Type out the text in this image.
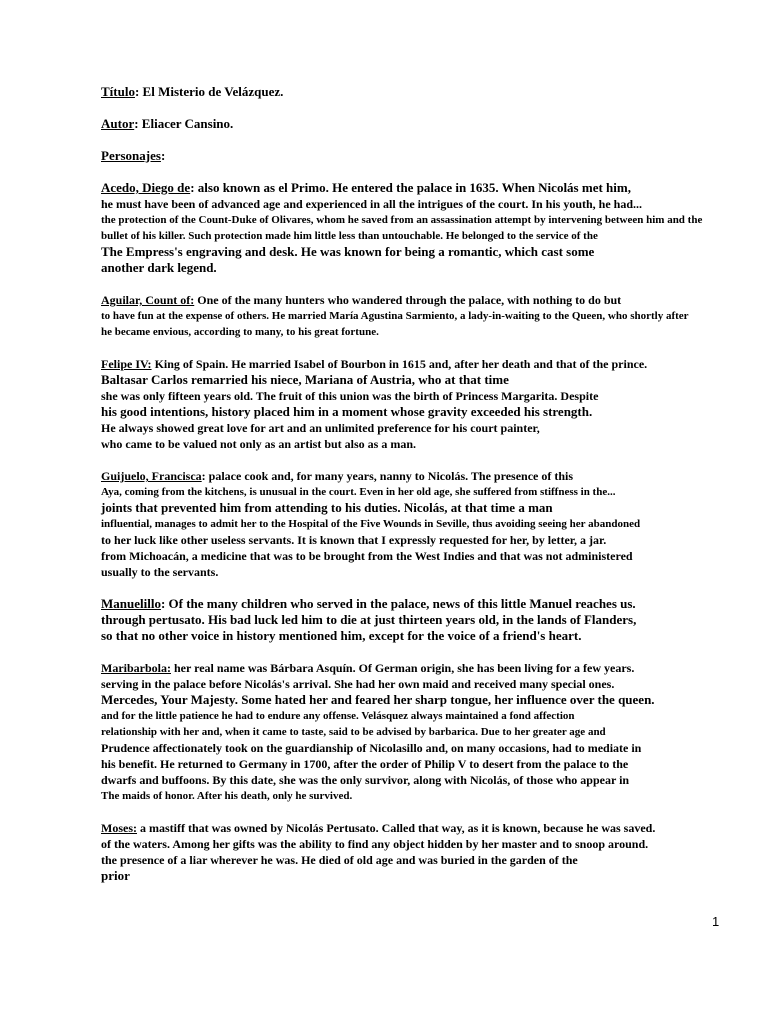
Título: El Misterio de Velázquez.
Autor: Eliacer Cansino.
Personajes:
Acedo, Diego de: also known as el Primo. He entered the palace in 1635. When Nicolás met him,
he must have been of advanced age and experienced in all the intrigues of the court. In his youth, he had...
the protection of the Count-Duke of Olivares, whom he saved from an assassination attempt by intervening between him and the
bullet of his killer. Such protection made him little less than untouchable. He belonged to the service of the
The Empress's engraving and desk. He was known for being a romantic, which cast some
another dark legend.
Aguilar, Count of: One of the many hunters who wandered through the palace, with nothing to do but
to have fun at the expense of others. He married María Agustina Sarmiento, a lady-in-waiting to the Queen, who shortly after
he became envious, according to many, to his great fortune.
Felipe IV: King of Spain. He married Isabel of Bourbon in 1615 and, after her death and that of the prince.
Baltasar Carlos remarried his niece, Mariana of Austria, who at that time
she was only fifteen years old. The fruit of this union was the birth of Princess Margarita. Despite
his good intentions, history placed him in a moment whose gravity exceeded his strength.
He always showed great love for art and an unlimited preference for his court painter,
who came to be valued not only as an artist but also as a man.
Guijuelo, Francisca: palace cook and, for many years, nanny to Nicolás. The presence of this
Aya, coming from the kitchens, is unusual in the court. Even in her old age, she suffered from stiffness in the...
joints that prevented him from attending to his duties. Nicolás, at that time a man
influential, manages to admit her to the Hospital of the Five Wounds in Seville, thus avoiding seeing her abandoned
to her luck like other useless servants. It is known that I expressly requested for her, by letter, a jar.
from Michoacán, a medicine that was to be brought from the West Indies and that was not administered
usually to the servants.
Manuelillo: Of the many children who served in the palace, news of this little Manuel reaches us.
through pertusato. His bad luck led him to die at just thirteen years old, in the lands of Flanders,
so that no other voice in history mentioned him, except for the voice of a friend's heart.
Maribarbola: her real name was Bárbara Asquín. Of German origin, she has been living for a few years.
serving in the palace before Nicolás's arrival. She had her own maid and received many special ones.
Mercedes, Your Majesty. Some hated her and feared her sharp tongue, her influence over the queen.
and for the little patience he had to endure any offense. Velásquez always maintained a fond affection
relationship with her and, when it came to taste, said to be advised by barbarica. Due to her greater age and
Prudence affectionately took on the guardianship of Nicolasillo and, on many occasions, had to mediate in
his benefit. He returned to Germany in 1700, after the order of Philip V to desert from the palace to the
dwarfs and buffoons. By this date, she was the only survivor, along with Nicolás, of those who appear in
The maids of honor. After his death, only he survived.
Moses: a mastiff that was owned by Nicolás Pertusato. Called that way, as it is known, because he was saved.
of the waters. Among her gifts was the ability to find any object hidden by her master and to snoop around.
the presence of a liar wherever he was. He died of old age and was buried in the garden of the
prior
1
